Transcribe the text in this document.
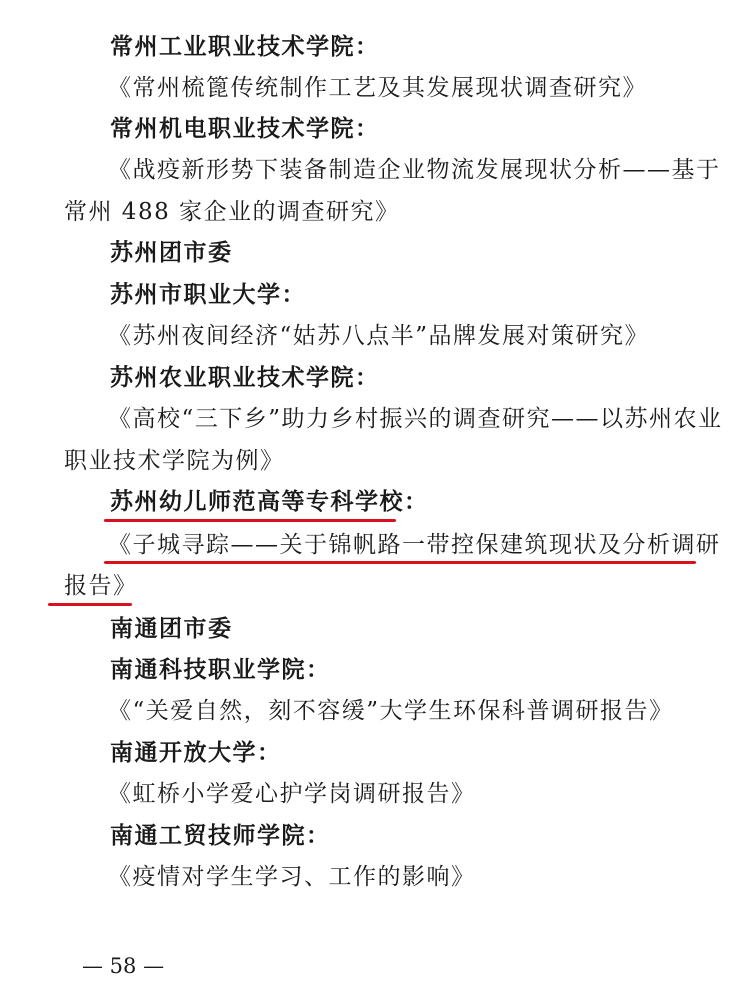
常州工业职业技术学院：
《常州梳篦传统制作工艺及其发展现状调查研究》
常州机电职业技术学院：
《战疫新形势下装备制造企业物流发展现状分析——基于
常州 488 家企业的调查研究》
苏州团市委
苏州市职业大学：
《苏州夜间经济“姑苏八点半”品牌发展对策研究》
苏州农业职业技术学院：
《高校“三下乡”助力乡村振兴的调查研究——以苏州农业
职业技术学院为例》
苏州幼儿师范高等专科学校：
《子城寻踪——关于锦帆路一带控保建筑现状及分析调研
报告》
南通团市委
南通科技职业学院：
《“关爱自然，刻不容缓”大学生环保科普调研报告》
南通开放大学：
《虹桥小学爱心护学岗调研报告》
南通工贸技师学院：
《疫情对学生学习、工作的影响》
— 58 —
